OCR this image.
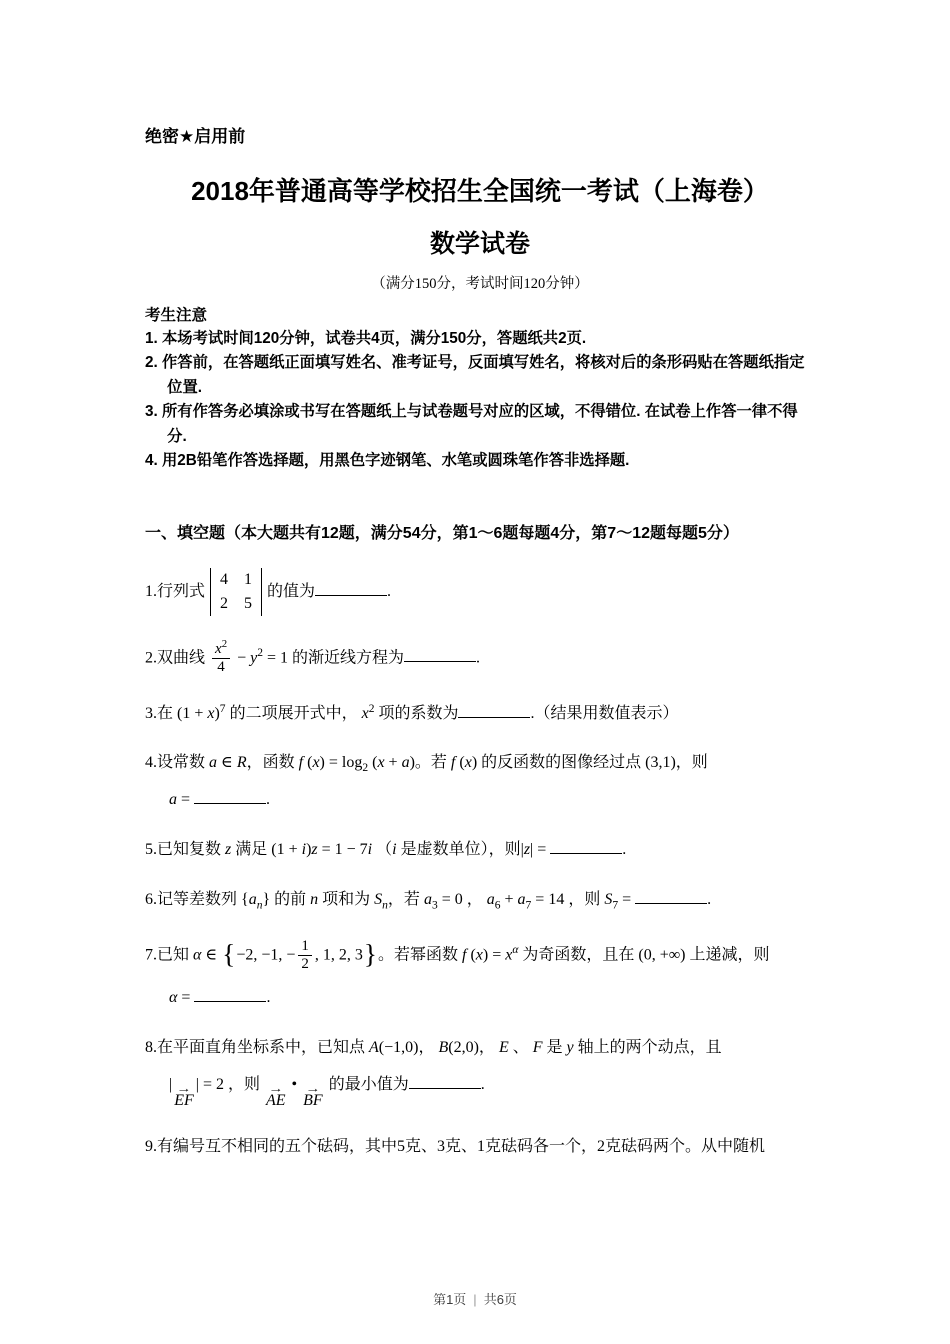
绝密★启用前
2018年普通高等学校招生全国统一考试（上海卷）
数学试卷
（满分150分，考试时间120分钟）
考生注意
1. 本场考试时间120分钟，试卷共4页，满分150分，答题纸共2页.
2. 作答前，在答题纸正面填写姓名、准考证号，反面填写姓名，将核对后的条形码贴在答题纸指定位置.
3. 所有作答务必填涂或书写在答题纸上与试卷题号对应的区域，不得错位. 在试卷上作答一律不得分.
4. 用2B铅笔作答选择题，用黑色字迹钢笔、水笔或圆珠笔作答非选择题.
一、填空题（本大题共有12题，满分54分，第1～6题每题4分，第7～12题每题5分）
1.行列式
4 1
2 5
的值为	.
2.双曲线 $\frac{x^2}{4} - y^2 = 1$ 的渐近线方程为	.
3.在 $(1 + x)^7$ 的二项展开式中， $x^2$ 项的系数为	.（结果用数值表示）
4.设常数 a ∈ R，函数 f $(x) = \log_2 (x + a)$。若 f (x) 的反函数的图像经过点 (3,1)，则
a =	.
5.已知复数 z 满足 (1 + i)z = 1 − 7i （i 是虚数单位），则|z| =	.
6.记等差数列 $\{a_n\}$ 的前 n 项和为 $S_n$，若 $a_3 = 0$ ， $a_6 + a_7 = 14$ ，则 $S_7$ =	.
7.已知 α ∈ {−2, −1, − $\frac{1}{2}$ , 1, 2, 3}。若幂函数 f $(x) = x^\alpha$ 为奇函数，且在 (0, +∞) 上递减，则
α =	.
8.在平面直角坐标系中，已知点 A(−1,0)， B(2,0)， E 、 F 是 y 轴上的两个动点，且
| →
EF
| = 2 ，则 →
AE
• →
BF
的最小值为	.
9.有编号互不相同的五个砝码，其中5克、3克、1克砝码各一个，2克砝码两个。从中随机
第1页 | 共6页
